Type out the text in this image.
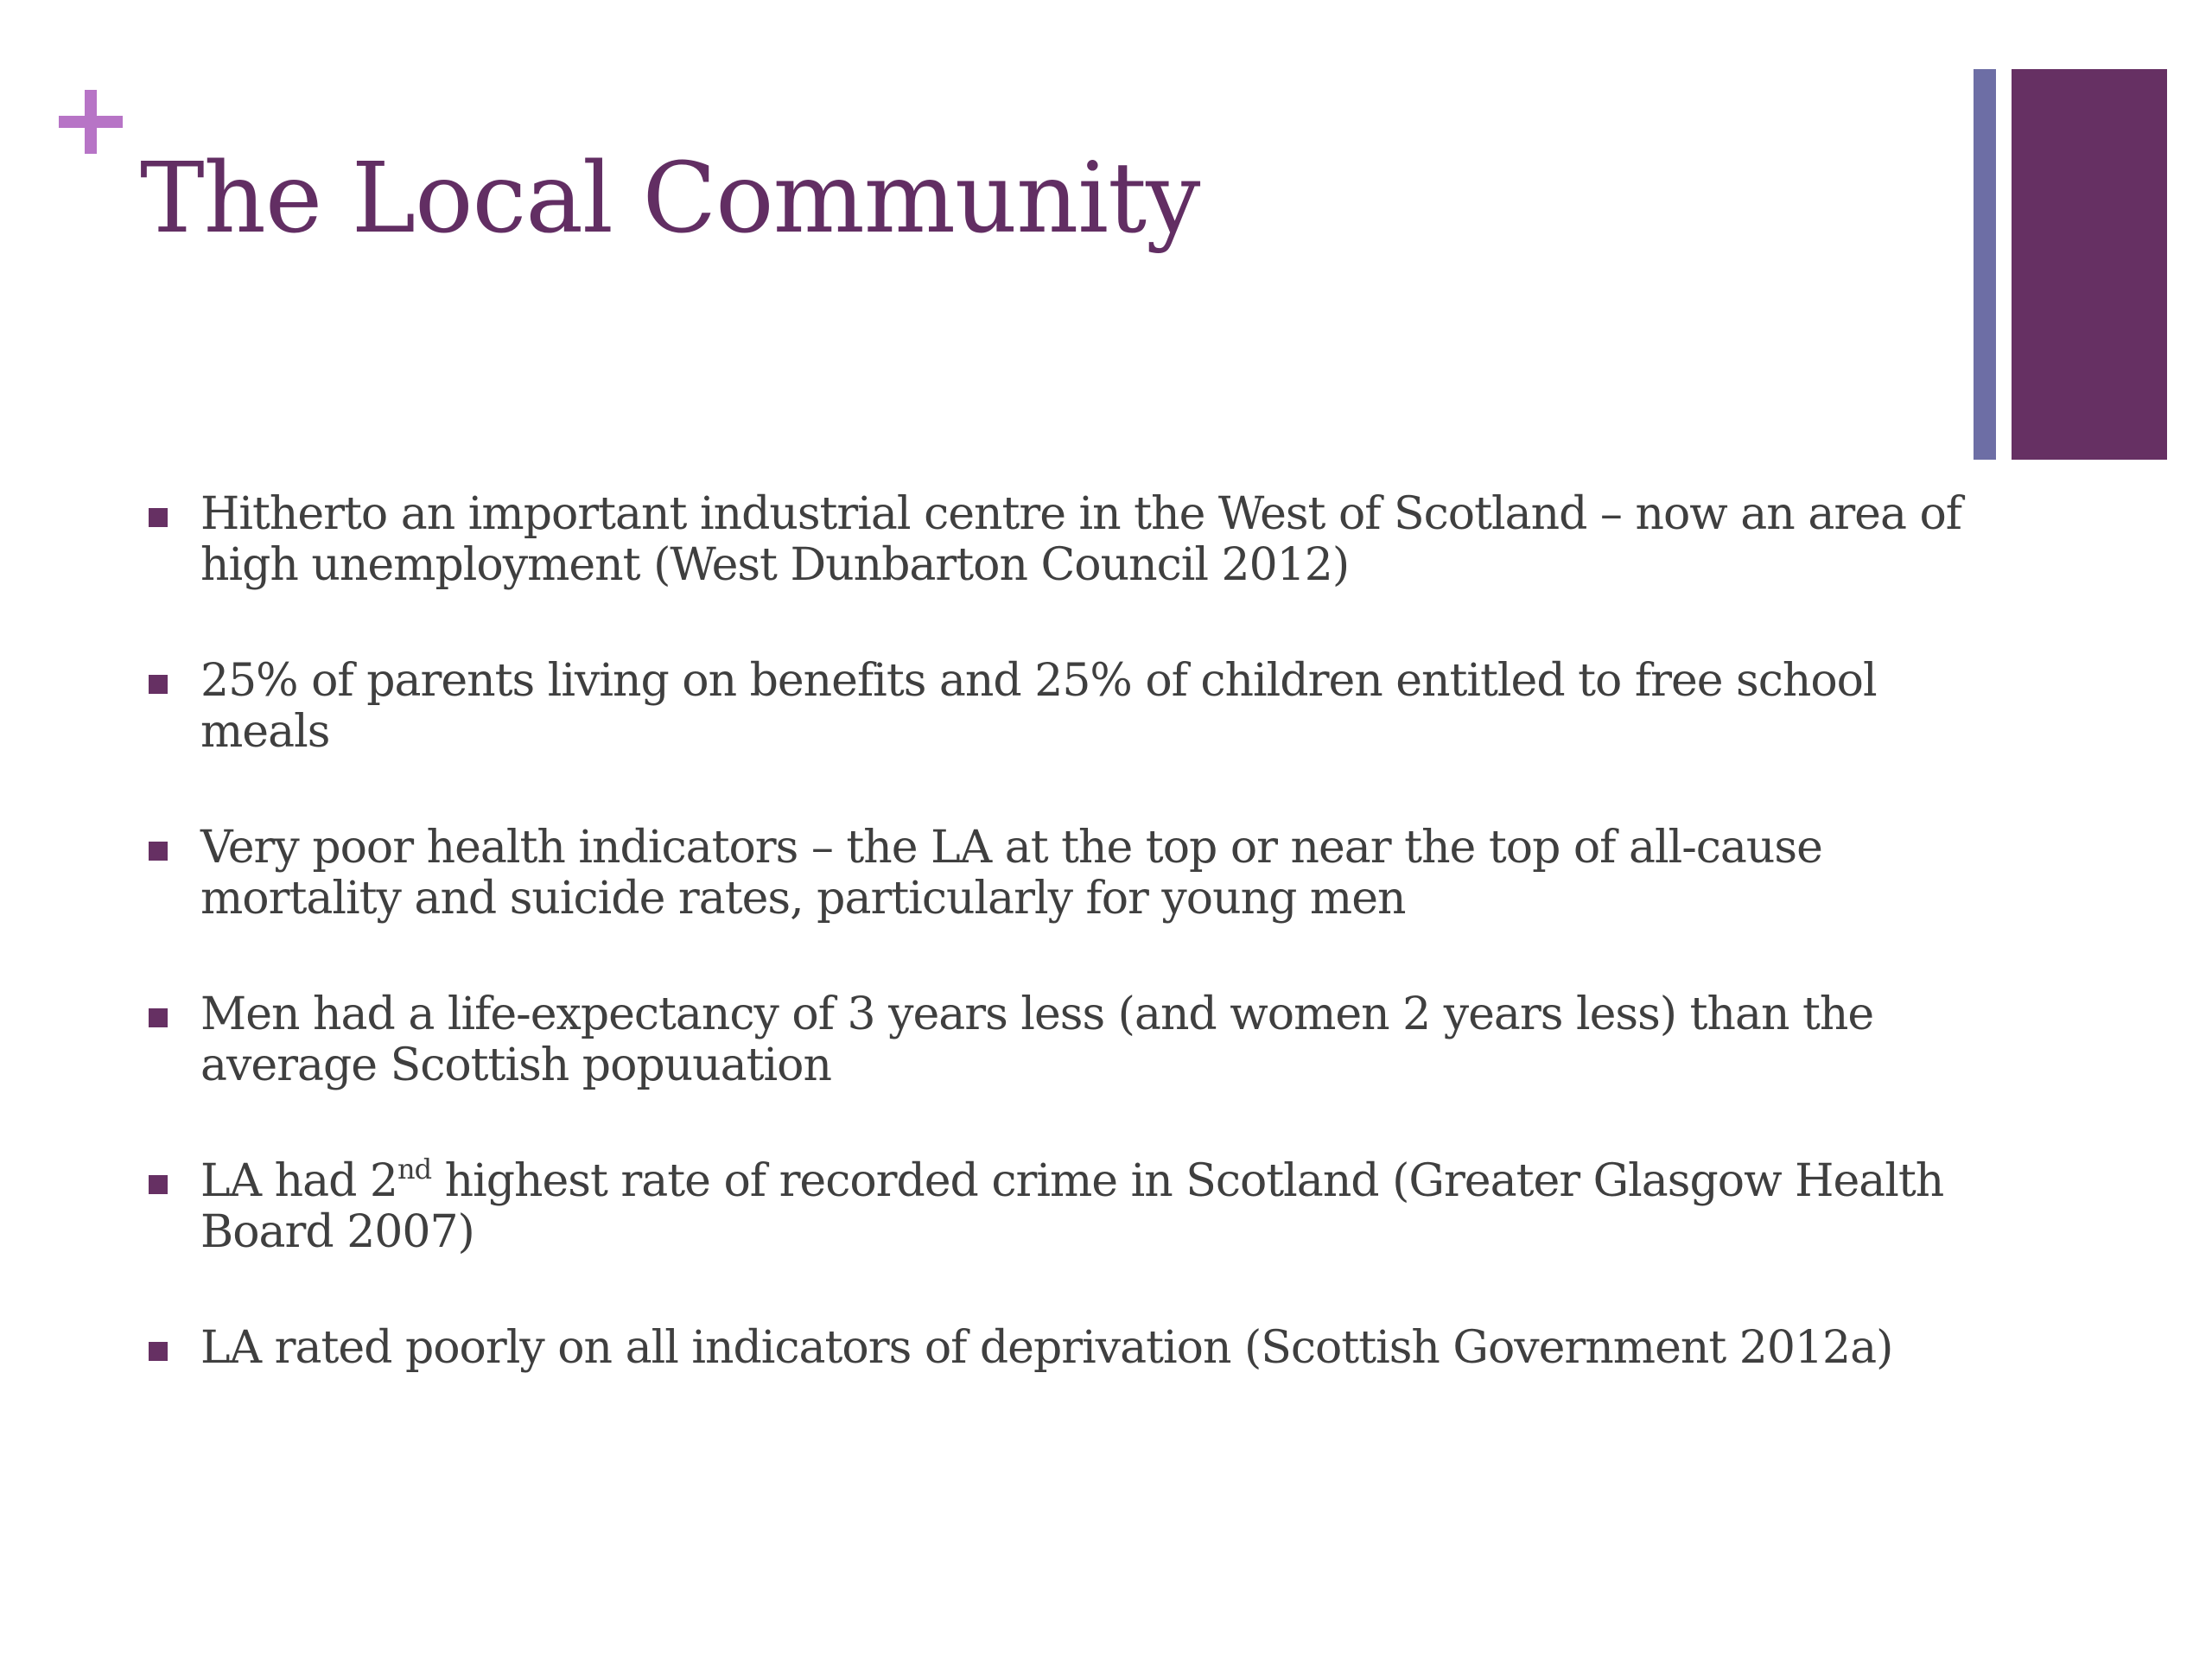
The Local Community
Hitherto an important industrial centre in the West of Scotland – now an area of high unemployment (West Dunbarton Council 2012)
25% of parents living on benefits and 25% of children entitled to free school meals
Very poor health indicators – the LA at the top or near the top of all-cause mortality and suicide rates, particularly for young men
Men had a life-expectancy of 3 years less (and women 2 years less) than the average Scottish popuuation
LA had 2nd highest rate of recorded crime in Scotland (Greater Glasgow Health Board 2007)
LA rated poorly on all indicators of deprivation (Scottish Government 2012a)
